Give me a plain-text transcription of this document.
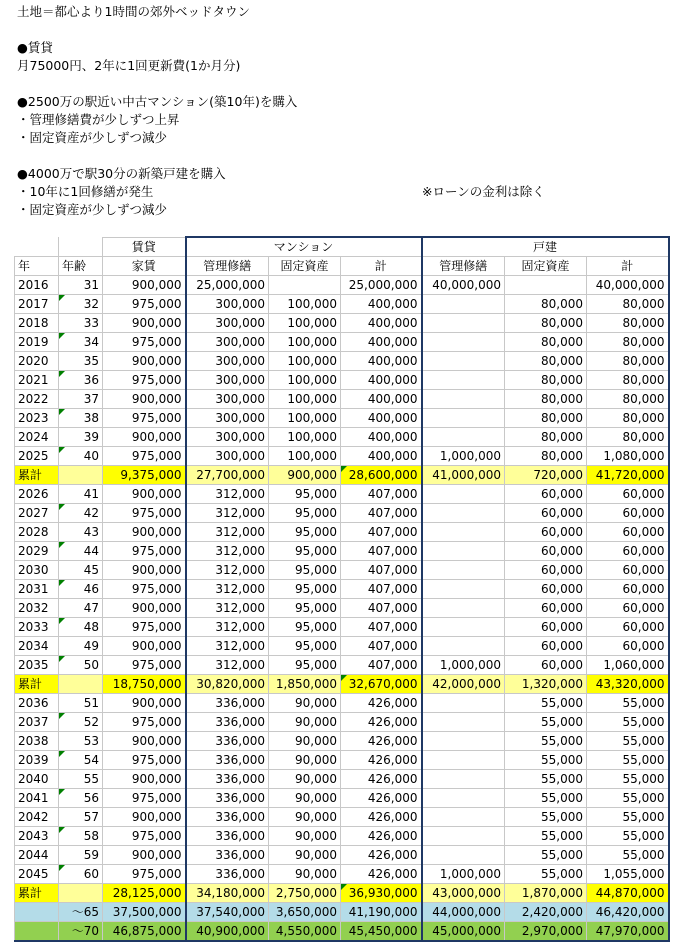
土地＝都心より1時間の郊外ベッドタウン
●賃貸
月75000円、2年に1回更新費(1か月分)
●2500万の駅近い中古マンション(築10年)を購入
・管理修繕費が少しずつ上昇
・固定資産が少しずつ減少
●4000万で駅30分の新築戸建を購入
・10年に1回修繕が発生	※ローンの金利は除く
・固定資産が少しずつ減少
		賃貸	マンション			戸建		
年	年齢	家賃	管理修繕	固定資産	計	管理修繕	固定資産	計
2016	31	900,000	25,000,000		25,000,000	40,000,000		40,000,000
2017	32	975,000	300,000	100,000	400,000		80,000	80,000
2018	33	900,000	300,000	100,000	400,000		80,000	80,000
2019	34	975,000	300,000	100,000	400,000		80,000	80,000
2020	35	900,000	300,000	100,000	400,000		80,000	80,000
2021	36	975,000	300,000	100,000	400,000		80,000	80,000
2022	37	900,000	300,000	100,000	400,000		80,000	80,000
2023	38	975,000	300,000	100,000	400,000		80,000	80,000
2024	39	900,000	300,000	100,000	400,000		80,000	80,000
2025	40	975,000	300,000	100,000	400,000	1,000,000	80,000	1,080,000
累計		9,375,000	27,700,000	900,000	28,600,000	41,000,000	720,000	41,720,000
2026	41	900,000	312,000	95,000	407,000		60,000	60,000
2027	42	975,000	312,000	95,000	407,000		60,000	60,000
2028	43	900,000	312,000	95,000	407,000		60,000	60,000
2029	44	975,000	312,000	95,000	407,000		60,000	60,000
2030	45	900,000	312,000	95,000	407,000		60,000	60,000
2031	46	975,000	312,000	95,000	407,000		60,000	60,000
2032	47	900,000	312,000	95,000	407,000		60,000	60,000
2033	48	975,000	312,000	95,000	407,000		60,000	60,000
2034	49	900,000	312,000	95,000	407,000		60,000	60,000
2035	50	975,000	312,000	95,000	407,000	1,000,000	60,000	1,060,000
累計		18,750,000	30,820,000	1,850,000	32,670,000	42,000,000	1,320,000	43,320,000
2036	51	900,000	336,000	90,000	426,000		55,000	55,000
2037	52	975,000	336,000	90,000	426,000		55,000	55,000
2038	53	900,000	336,000	90,000	426,000		55,000	55,000
2039	54	975,000	336,000	90,000	426,000		55,000	55,000
2040	55	900,000	336,000	90,000	426,000		55,000	55,000
2041	56	975,000	336,000	90,000	426,000		55,000	55,000
2042	57	900,000	336,000	90,000	426,000		55,000	55,000
2043	58	975,000	336,000	90,000	426,000		55,000	55,000
2044	59	900,000	336,000	90,000	426,000		55,000	55,000
2045	60	975,000	336,000	90,000	426,000	1,000,000	55,000	1,055,000
累計		28,125,000	34,180,000	2,750,000	36,930,000	43,000,000	1,870,000	44,870,000
	～65	37,500,000	37,540,000	3,650,000	41,190,000	44,000,000	2,420,000	46,420,000
	～70	46,875,000	40,900,000	4,550,000	45,450,000	45,000,000	2,970,000	47,970,000
